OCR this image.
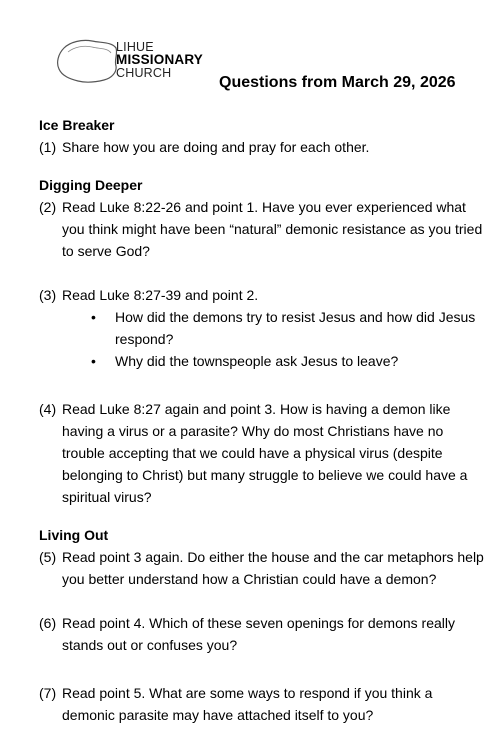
LIHUE
MISSIONARY
CHURCH
Questions from March 29, 2026
Ice Breaker
(1) Share how you are doing and pray for each other.
Digging Deeper
(2) Read Luke 8:22-26 and point 1. Have you ever experienced what you think might have been “natural” demonic resistance as you tried to serve God?
(3) Read Luke 8:27-39 and point 2.
• How did the demons try to resist Jesus and how did Jesus respond?
• Why did the townspeople ask Jesus to leave?
(4) Read Luke 8:27 again and point 3. How is having a demon like having a virus or a parasite? Why do most Christians have no trouble accepting that we could have a physical virus (despite belonging to Christ) but many struggle to believe we could have a spiritual virus?
Living Out
(5) Read point 3 again. Do either the house and the car metaphors help you better understand how a Christian could have a demon?
(6) Read point 4. Which of these seven openings for demons really stands out or confuses you?
(7) Read point 5. What are some ways to respond if you think a demonic parasite may have attached itself to you?
